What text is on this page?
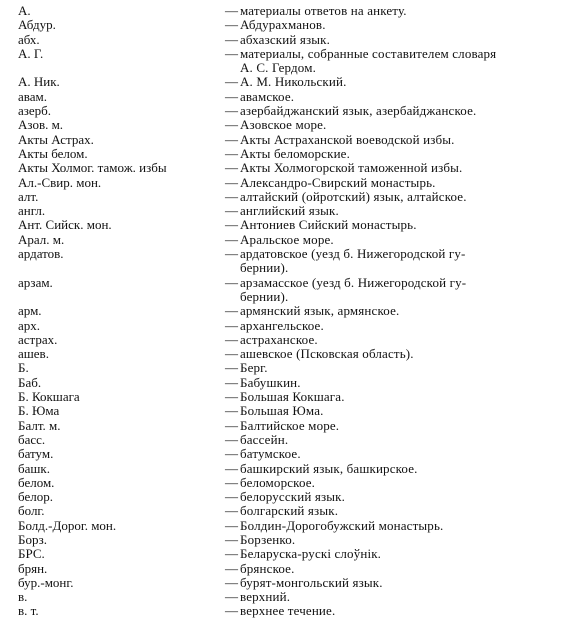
А.	— материалы ответов на анкету.
Абдур.	— Абдурахманов.
абх.	— абхазский язык.
А. Г.	— материалы, собранные составителем словаря
А. С. Гердом.
А. Ник.	— А. М. Никольский.
авам.	— авамское.
азерб.	— азербайджанский язык, азербайджанское.
Азов. м.	— Азовское море.
Акты Астрах.	— Акты Астраханской воеводской избы.
Акты белом.	— Акты беломорские.
Акты Холмог. тамож. избы	— Акты Холмогорской таможенной избы.
Ал.-Свир. мон.	— Александро-Свирский монастырь.
алт.	— алтайский (ойротский) язык, алтайское.
англ.	— английский язык.
Ант. Сийск. мон.	— Антониев Сийский монастырь.
Арал. м.	— Аральское море.
ардатов.	— ардатовское (уезд б. Нижегородской гу-
бернии).
арзам.	— арзамасское (уезд б. Нижегородской гу-
бернии).
арм.	— армянский язык, армянское.
арх.	— архангельское.
астрах.	— астраханское.
ашев.	— ашевское (Псковская область).
Б.	— Берг.
Баб.	— Бабушкин.
Б. Кокшага	— Большая Кокшага.
Б. Юма	— Большая Юма.
Балт. м.	— Балтийское море.
басс.	— бассейн.
батум.	— батумское.
башк.	— башкирский язык, башкирское.
белом.	— беломорское.
белор.	— белорусский язык.
болг.	— болгарский язык.
Болд.-Дорог. мон.	— Болдин-Дорогобужский монастырь.
Борз.	— Борзенко.
БРС.	— Беларуска-рускі слоўнік.
брян.	— брянское.
бур.-монг.	— бурят-монгольский язык.
в.	— верхний.
в. т.	— верхнее течение.
